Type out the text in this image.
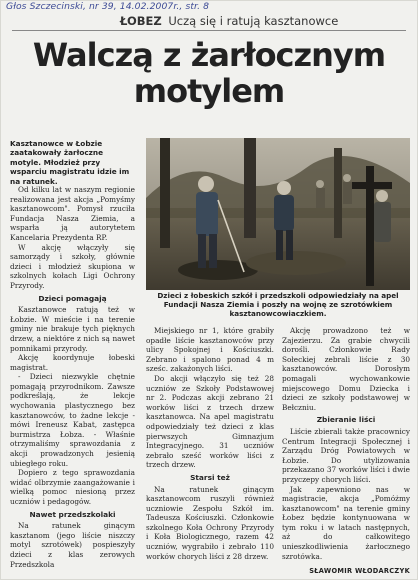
Głos Szczecinski, nr 39, 14.02.2007r., str. 8
ŁOBEZ Uczą się i ratują kasztanowce
Walczą z żarłocznym
motylem
Kasztanowce w Łobzie zaatakowały żarłoczne motyle. Młodzież przy wsparciu magistratu idzie im na ratunek.
Dzieci z łobeskich szkół i przedszkoli odpowiedziały na apel Fundacji Nasza Ziemia i poszły na wojnę ze szrotówkiem kasztanowcowiaczkiem.

Od kilku lat w naszym regionie realizowana jest akcja „Pomyśmy kasztanowcom". Pomysł rzuciła Fundacja Nasza Ziemia, a wsparła ją autorytetem Kancelaria Prezydenta RP.

W akcję włączyły się samorządy i szkoły, głównie dzieci i młodzież skupiona w szkolnych kołach Ligi Ochrony Przyrody.

Dzieci pomagają

Kasztanowce ratują też w Łobzie. W mieście i na terenie gminy nie brakuje tych pięknych drzew, a niektóre z nich są nawet pomnikami przyrody.

Akcję koordynuje łobeski magistrat.

- Dzieci niezwykle chętnie pomagają przyrodnikom. Zawsze podkreślają, że lekcje wychowania plastycznego bez kasztanowców, to żadne lekcje - mówi Ireneusz Kabat, zastępca burmistrza Łobza. - Właśnie otrzymaliśmy sprawozdania z akcji prowadzonych jesienią ubiegłego roku.

Dopiero z tego sprawozdania widać olbrzymie zaangażowanie i wielką pomoc niesioną przez uczniów i pedagogów.

Nawet przedszkolaki

Na ratunek ginącym kasztanom (jego liście niszczy motyl szrotówek) pospieszyły dzieci z klas zerowych Przedszkola

Miejskiego nr 1, które grabiły opadłe liście kasztanowców przy ulicy Spokojnej i Kościuszki. Zebrano i spalono ponad 4 m sześc. zakażonych liści.

Do akcji włączyło się też 28 uczniów ze Szkoły Podstawowej nr 2. Podczas akcji zebrano 21 worków liści z trzech drzew kasztanowca. Na apel magistratu odpowiedziały też dzieci z klas pierwszych Gimnazjum Integracyjnego. 31 uczniów zebrało sześć worków liści z trzech drzew.

Starsi też

Na ratunek ginącym kasztanowcom ruszyli również uczniowie Zespołu Szkół im. Tadeusza Kościuszki. Członkowie szkolnego Koła Ochrony Przyrody i Koła Biologicznego, razem 42 uczniów, wygrabiło i zebrało 110 worków chorych liści z 28 drzew.

Akcję prowadzono też w Zajezierzu. Za grabie chwycili dorośli. Członkowie Rady Sołeckiej zebrali liście z 30 kasztanowców. Dorosłym pomagali wychowankowie miejscowego Domu Dziecka i dzieci ze szkoły podstawowej w Bełczniu.

Zbieranie liści

Liście zbierali także pracownicy Centrum Integracji Społecznej i Zarządu Dróg Powiatowych w Łobzie. Do utylizowania przekazano 37 worków liści i dwie przyczepy chorych liści.

Jak zapewniono nas w magistracie, akcja „Pomóżmy kasztanowcom" na terenie gminy Łobez będzie kontynuowana w tym roku i w latach następnych, aż do całkowitego unieszkodliwienia żarłocznego szrotówka.

SŁAWOMIR WŁODARCZYK
